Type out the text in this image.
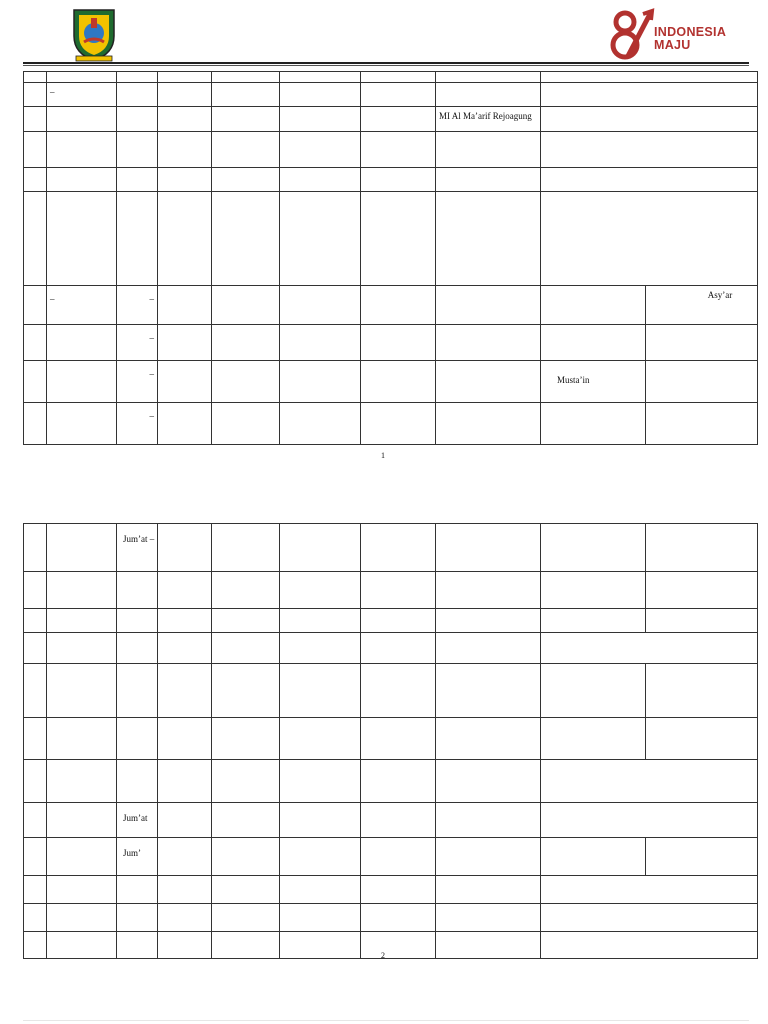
INDONESIA
MAJU

	–								

							MI Al Ma’arif Rejoagung		

	–	–							Asy’ar

		–							

		–						Musta’in	

		–							

1

		Jum’at –							

		Jum’at							

		Jum’							

2
